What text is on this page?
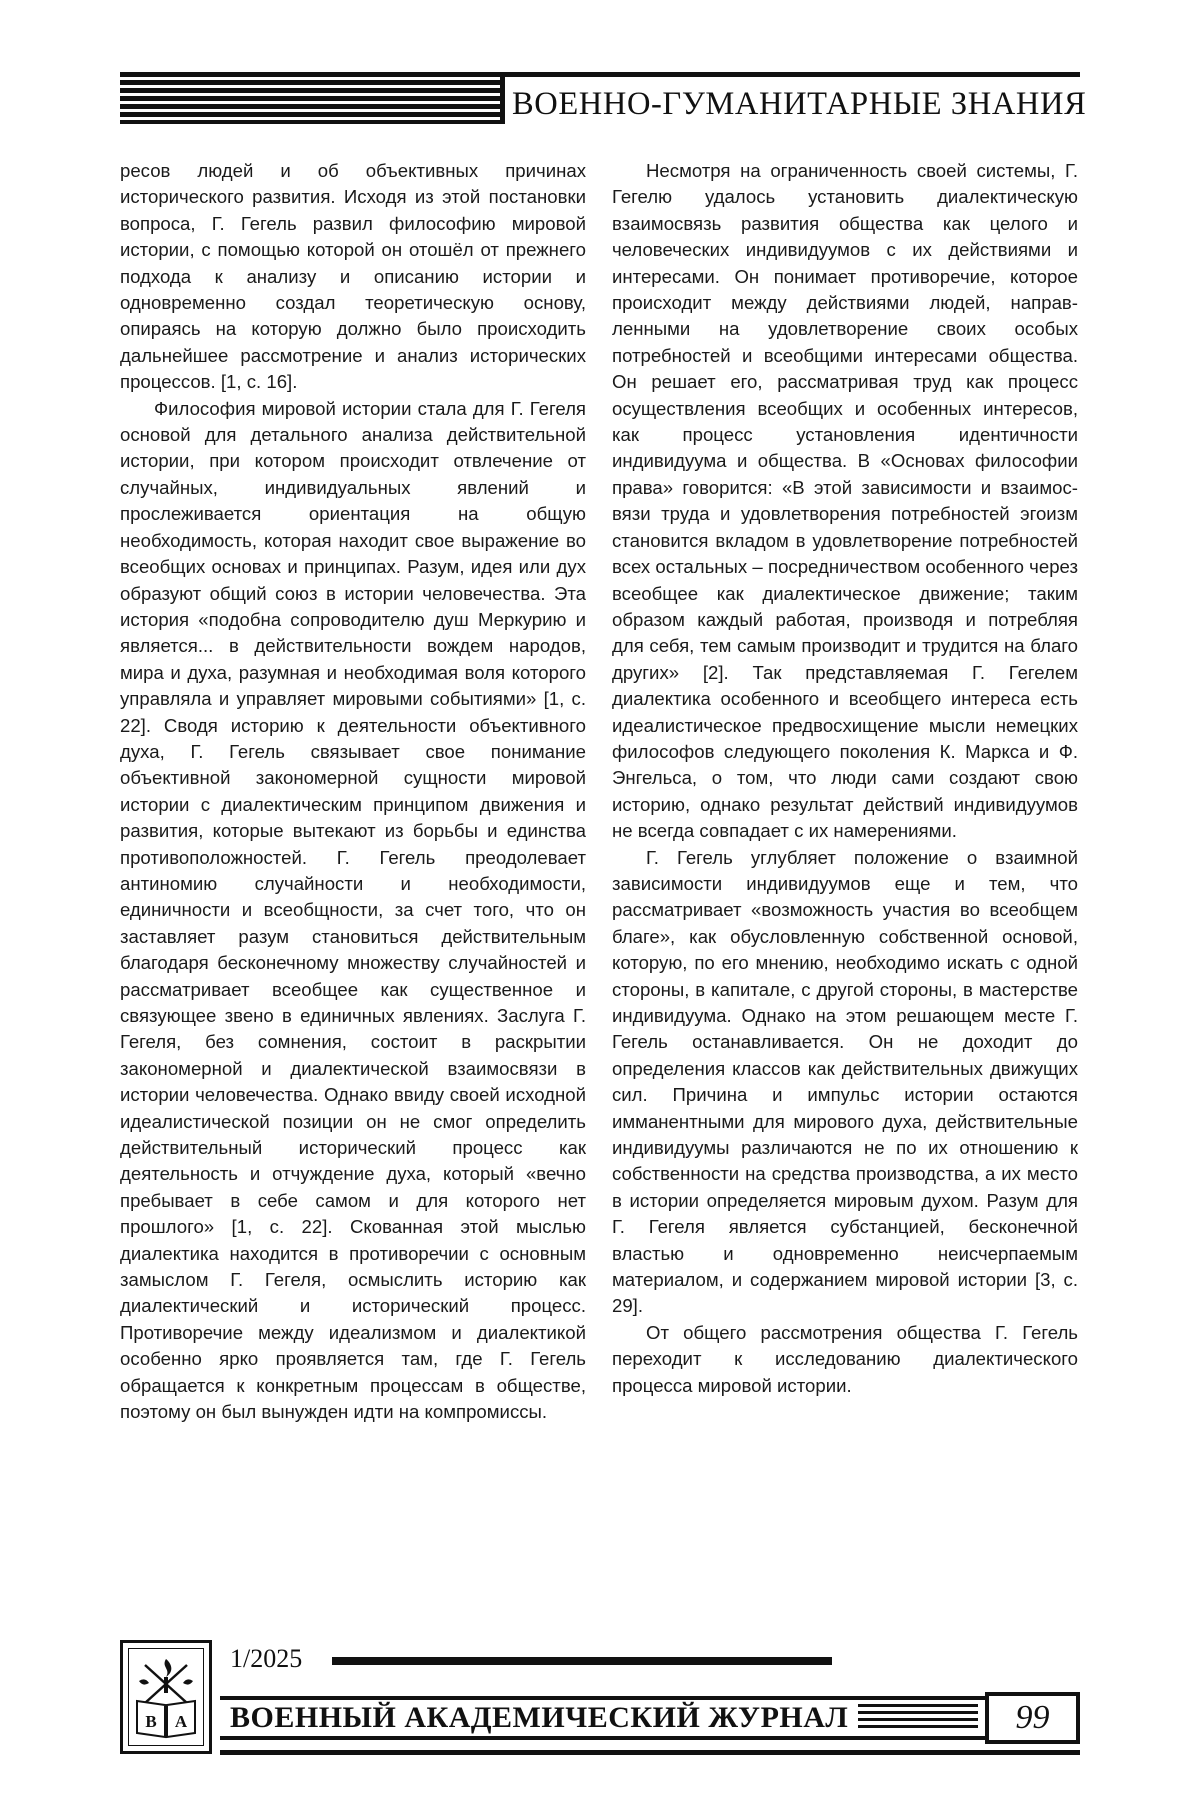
ВОЕННО-ГУМАНИТАРНЫЕ ЗНАНИЯ

ресов людей и об объективных причинах исторического развития. Исходя из этой постановки вопроса, Г. Гегель развил философию мировой истории, с помощью которой он отошёл от прежнего подхода к анализу и описанию истории и одновременно создал теоретическую основу, опираясь на которую должно было происходить дальнейшее рассмотрение и анализ исторических процессов. [1, с. 16].

Философия мировой истории стала для Г. Гегеля основой для детального анализа действительной истории, при котором происходит отвлечение от случайных, индивидуальных явлений и прослеживается ориентация на общую необходимость, которая находит свое выражение во всеобщих основах и принципах. Разум, идея или дух образуют общий союз в истории человечества. Эта история «подобна сопроводителю душ Меркурию и является... в действительности вождем народов, мира и духа, разумная и необходимая воля которого управляла и управляет мировыми событиями» [1, с. 22]. Сводя историю к деятельности объективного духа, Г. Гегель связывает свое понимание объективной закономерной сущности мировой истории с диалектическим принципом движения и развития, которые вытекают из борьбы и единства противоположностей. Г. Гегель преодолевает антиномию случайности и необходимости, единичности и всеобщности, за счет того, что он заставляет разум становиться действительным благодаря бесконечному множеству случайностей и рассматривает всеобщее как существенное и связующее звено в единичных явлениях. Заслуга Г. Гегеля, без сомнения, состоит в раскрытии закономерной и диалектической взаимосвязи в истории человечества. Однако ввиду своей исходной идеалистической позиции он не смог определить действительный исторический процесс как деятельность и отчуждение духа, который «вечно пребывает в себе самом и для которого нет прошлого» [1, с. 22]. Скованная этой мыслью диалектика находится в противоречии с основным замыслом Г. Гегеля, осмыслить историю как диалектический и исторический процесс. Противоречие между идеализмом и диалектикой особенно ярко проявляется там, где Г. Гегель обращается к конкретным процессам в обществе, поэтому он был вынужден идти на компромиссы.

Несмотря на ограниченность своей системы, Г. Гегелю удалось установить диалектическую взаимосвязь развития общества как целого и человеческих индивидуумов с их действиями и интересами. Он понимает противоречие, которое происходит между действиями людей, направленными на удовлетворение своих особых потребностей и всеобщими интересами общества. Он решает его, рассматривая труд как процесс осуществления всеобщих и особенных интересов, как процесс установления идентичности индивидуума и общества. В «Основах философии права» говорится: «В этой зависимости и взаимосвязи труда и удовлетворения потребностей эгоизм становится вкладом в удовлетворение потребностей всех остальных – посредничеством особенного через всеобщее как диалектическое движение; таким образом каждый работая, производя и потребляя для себя, тем самым производит и трудится на благо других» [2]. Так представляемая Г. Гегелем диалектика особенного и всеобщего интереса есть идеалистическое предвосхищение мысли немецких философов следующего поколения К. Маркса и Ф. Энгельса, о том, что люди сами создают свою историю, однако результат действий индивидуумов не всегда совпадает с их намерениями.

Г. Гегель углубляет положение о взаимной зависимости индивидуумов еще и тем, что рассматривает «возможность участия во всеобщем благе», как обусловленную собственной основой, которую, по его мнению, необходимо искать с одной стороны, в капитале, с другой стороны, в мастерстве индивидуума. Однако на этом решающем месте Г. Гегель останавливается. Он не доходит до определения классов как действительных движущих сил. Причина и импульс истории остаются имманентными для мирового духа, действительные индивидуумы различаются не по их отношению к собственности на средства производства, а их место в истории определяется мировым духом. Разум для Г. Гегеля является субстанцией, бесконечной властью и одновременно неисчерпаемым материалом, и содержанием мировой истории [3, с. 29].

От общего рассмотрения общества Г. Гегель переходит к исследованию диалектического процесса мировой истории.

В А
1/2025
ВОЕННЫЙ АКАДЕМИЧЕСКИЙ ЖУРНАЛ	99
